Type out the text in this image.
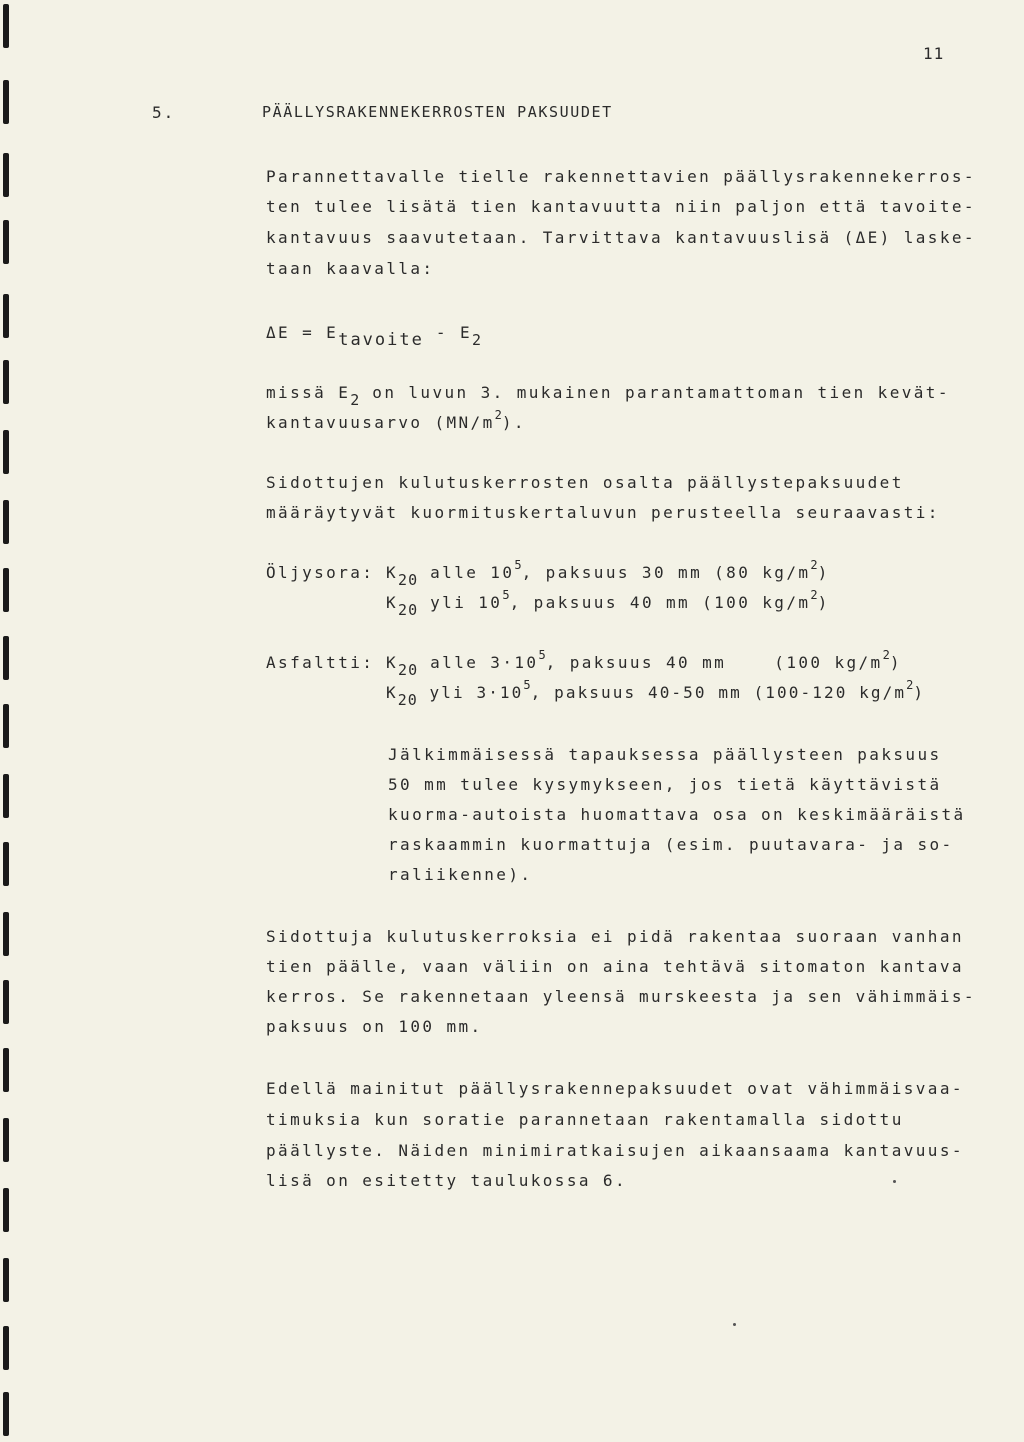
11
5.	PÄÄLLYSRAKENNEKERROSTEN PAKSUUDET
Parannettavalle tielle rakennettavien päällysrakennekerros-
ten tulee lisätä tien kantavuutta niin paljon että tavoite-
kantavuus saavutetaan. Tarvittava kantavuuslisä (ΔE) laske-
taan kaavalla:
ΔE = Etavoite - E2
missä E2 on luvun 3. mukainen parantamattoman tien kevät-
kantavuusarvo $(MN/m^2)$.
Sidottujen kulutuskerrosten osalta päällystepaksuudet
määräytyvät kuormituskertaluvun perusteella seuraavasti:
Öljysora: K20 alle $10^5$, paksuus 30 mm (80 $kg/m^2$)
K20 yli $10^5$, paksuus 40 mm (100 $kg/m^2$)
Asfaltti: K20 alle $3\cdot 10^5$, paksuus 40 mm    (100 $kg/m^2$)
K20 yli $3\cdot 10^5$, paksuus 40-50 mm (100-120 $kg/m^2$)
Jälkimmäisessä tapauksessa päällysteen paksuus
50 mm tulee kysymykseen, jos tietä käyttävistä
kuorma-autoista huomattava osa on keskimääräistä
raskaammin kuormattuja (esim. puutavara- ja so-
raliikenne).
Sidottuja kulutuskerroksia ei pidä rakentaa suoraan vanhan
tien päälle, vaan väliin on aina tehtävä sitomaton kantava
kerros. Se rakennetaan yleensä murskeesta ja sen vähimmäis-
paksuus on 100 mm.
Edellä mainitut päällysrakennepaksuudet ovat vähimmäisvaa-
timuksia kun soratie parannetaan rakentamalla sidottu
päällyste. Näiden minimiratkaisujen aikaansaama kantavuus-
lisä on esitetty taulukossa 6.
